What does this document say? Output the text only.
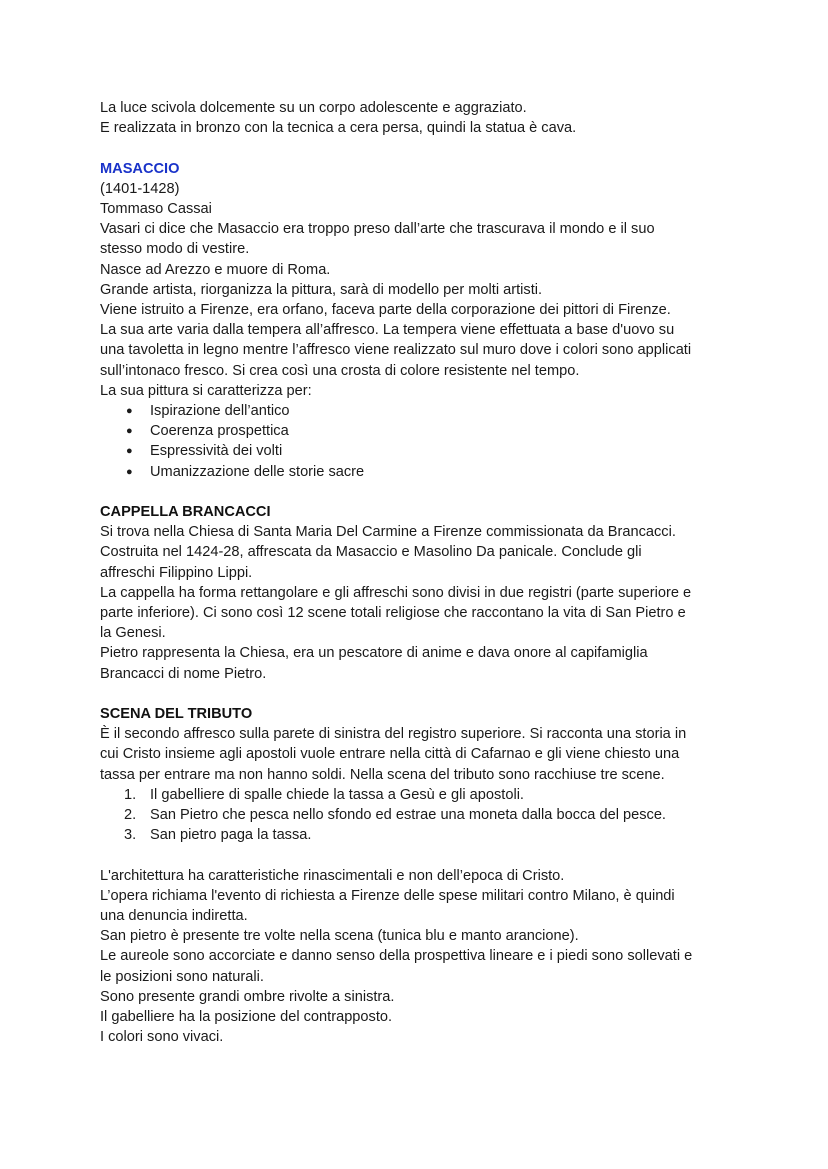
La luce scivola dolcemente su un corpo adolescente e aggraziato.
E realizzata in bronzo con la tecnica a cera persa, quindi la statua è cava.
MASACCIO
(1401-1428)
Tommaso Cassai
Vasari ci dice che Masaccio era troppo preso dall’arte che trascurava il mondo e il suo
stesso modo di vestire.
Nasce ad Arezzo e muore di Roma.
Grande artista, riorganizza la pittura, sarà di modello per molti artisti.
Viene istruito a Firenze, era orfano, faceva parte della corporazione dei pittori di Firenze.
La sua arte varia dalla tempera all’affresco. La tempera viene effettuata a base d'uovo su
una tavoletta in legno mentre l’affresco viene realizzato sul muro dove i colori sono applicati
sull’intonaco fresco. Si crea così una crosta di colore resistente nel tempo.
La sua pittura si caratterizza per:
● Ispirazione dell’antico
● Coerenza prospettica
● Espressività dei volti
● Umanizzazione delle storie sacre
CAPPELLA BRANCACCI
Si trova nella Chiesa di Santa Maria Del Carmine a Firenze commissionata da Brancacci.
Costruita nel 1424-28, affrescata da Masaccio e Masolino Da panicale. Conclude gli
affreschi Filippino Lippi.
La cappella ha forma rettangolare e gli affreschi sono divisi in due registri (parte superiore e
parte inferiore). Ci sono così 12 scene totali religiose che raccontano la vita di San Pietro e
la Genesi.
Pietro rappresenta la Chiesa, era un pescatore di anime e dava onore al capifamiglia
Brancacci di nome Pietro.
SCENA DEL TRIBUTO
È il secondo affresco sulla parete di sinistra del registro superiore. Si racconta una storia in
cui Cristo insieme agli apostoli vuole entrare nella città di Cafarnao e gli viene chiesto una
tassa per entrare ma non hanno soldi. Nella scena del tributo sono racchiuse tre scene.
1. Il gabelliere di spalle chiede la tassa a Gesù e gli apostoli.
2. San Pietro che pesca nello sfondo ed estrae una moneta dalla bocca del pesce.
3. San pietro paga la tassa.
L'architettura ha caratteristiche rinascimentali e non dell’epoca di Cristo.
L’opera richiama l'evento di richiesta a Firenze delle spese militari contro Milano, è quindi
una denuncia indiretta.
San pietro è presente tre volte nella scena (tunica blu e manto arancione).
Le aureole sono accorciate e danno senso della prospettiva lineare e i piedi sono sollevati e
le posizioni sono naturali.
Sono presente grandi ombre rivolte a sinistra.
Il gabelliere ha la posizione del contrapposto.
I colori sono vivaci.
